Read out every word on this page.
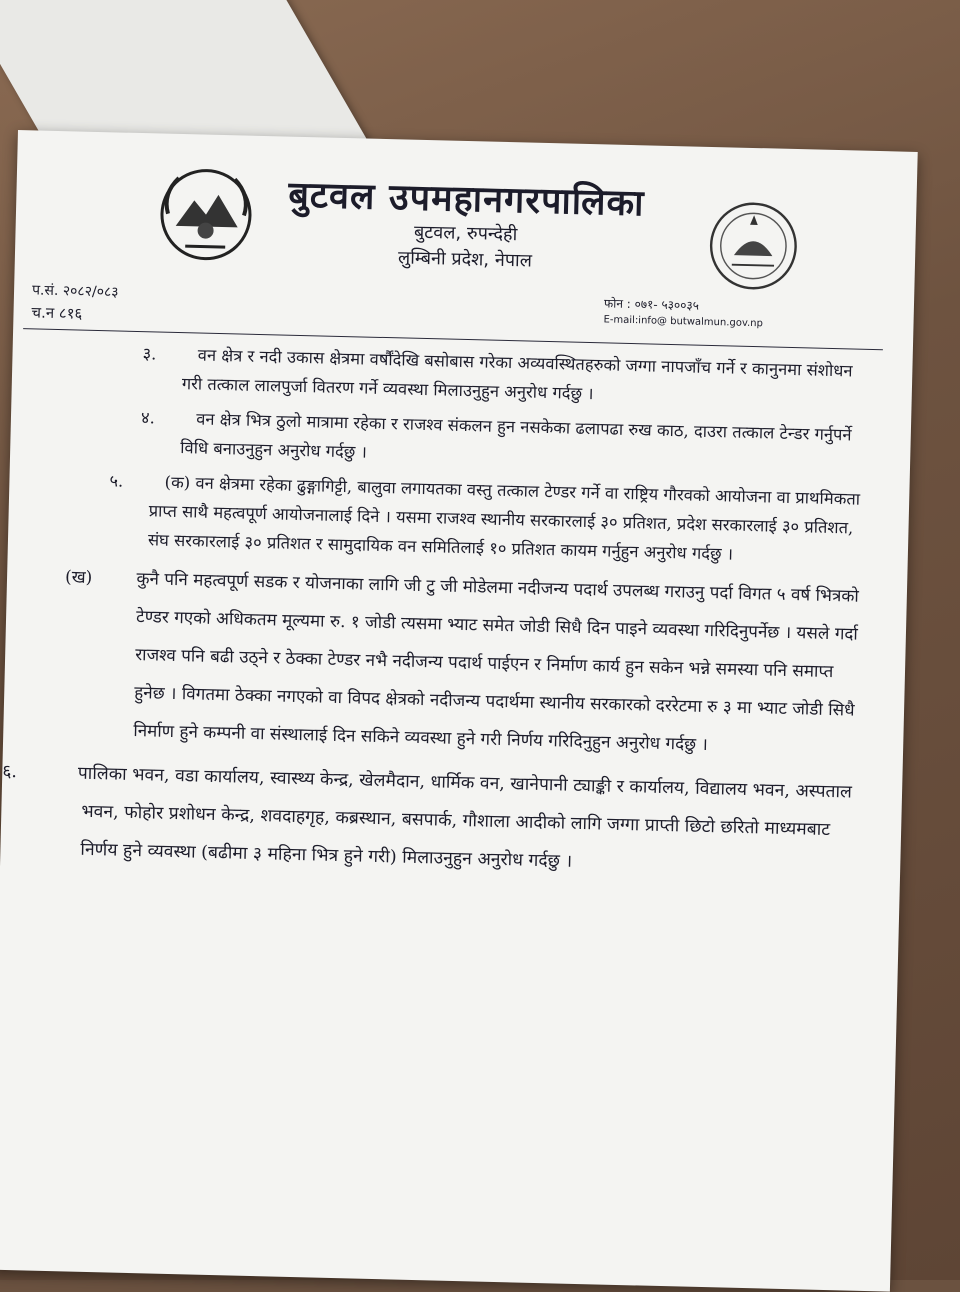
बुटवल उपमहानगरपालिका
बुटवल, रुपन्देही
लुम्बिनी प्रदेश, नेपाल
प.सं. २०८२/०८३
च.न ८१६	फोन : ०७१- ५३००३५
E-mail:info@ butwalmun.gov.np

३. वन क्षेत्र र नदी उकास क्षेत्रमा वर्षौंदेखि बसोबास गरेका अव्यवस्थितहरुको जग्गा नापजाँच गर्ने र कानुनमा संशोधन गरी तत्काल लालपुर्जा वितरण गर्ने व्यवस्था मिलाउनुहुन अनुरोध गर्दछु ।

४. वन क्षेत्र भित्र ठुलो मात्रामा रहेका र राजश्व संकलन हुन नसकेका ढलापढा रुख काठ, दाउरा तत्काल टेन्डर गर्नुपर्ने विधि बनाउनुहुन अनुरोध गर्दछु ।

५. (क) वन क्षेत्रमा रहेका ढुङ्गागिट्टी, बालुवा लगायतका वस्तु तत्काल टेण्डर गर्ने वा राष्ट्रिय गौरवको आयोजना वा प्राथमिकता प्राप्त साथै महत्वपूर्ण आयोजनालाई दिने । यसमा राजश्व स्थानीय सरकारलाई ३० प्रतिशत, प्रदेश सरकारलाई ३० प्रतिशत, संघ सरकारलाई ३० प्रतिशत र सामुदायिक वन समितिलाई १० प्रतिशत कायम गर्नुहुन अनुरोध गर्दछु ।

(ख)	कुनै पनि महत्वपूर्ण सडक र योजनाका लागि जी टु जी मोडेलमा नदीजन्य पदार्थ उपलब्ध गराउनु पर्दा विगत ५ वर्ष भित्रको टेण्डर गएको अधिकतम मूल्यमा रु. १ जोडी त्यसमा भ्याट समेत जोडी सिधै दिन पाइने व्यवस्था गरिदिनुपर्नेछ । यसले गर्दा राजश्व पनि बढी उठ्ने र ठेक्का टेण्डर नभै नदीजन्य पदार्थ पाईएन र निर्माण कार्य हुन सकेन भन्ने समस्या पनि समाप्त हुनेछ । विगतमा ठेक्का नगएको वा विपद क्षेत्रको नदीजन्य पदार्थमा स्थानीय सरकारको दररेटमा रु ३ मा भ्याट जोडी सिधै निर्माण हुने कम्पनी वा संस्थालाई दिन सकिने व्यवस्था हुने गरी निर्णय गरिदिनुहुन अनुरोध गर्दछु ।

६.	पालिका भवन, वडा कार्यालय, स्वास्थ्य केन्द्र, खेलमैदान, धार्मिक वन, खानेपानी ट्याङ्की र कार्यालय, विद्यालय भवन, अस्पताल भवन, फोहोर प्रशोधन केन्द्र, शवदाहगृह, कब्रस्थान, बसपार्क, गौशाला आदीको लागि जग्गा प्राप्ती छिटो छरितो माध्यमबाट निर्णय हुने व्यवस्था (बढीमा ३ महिना भित्र हुने गरी) मिलाउनुहुन अनुरोध गर्दछु ।
